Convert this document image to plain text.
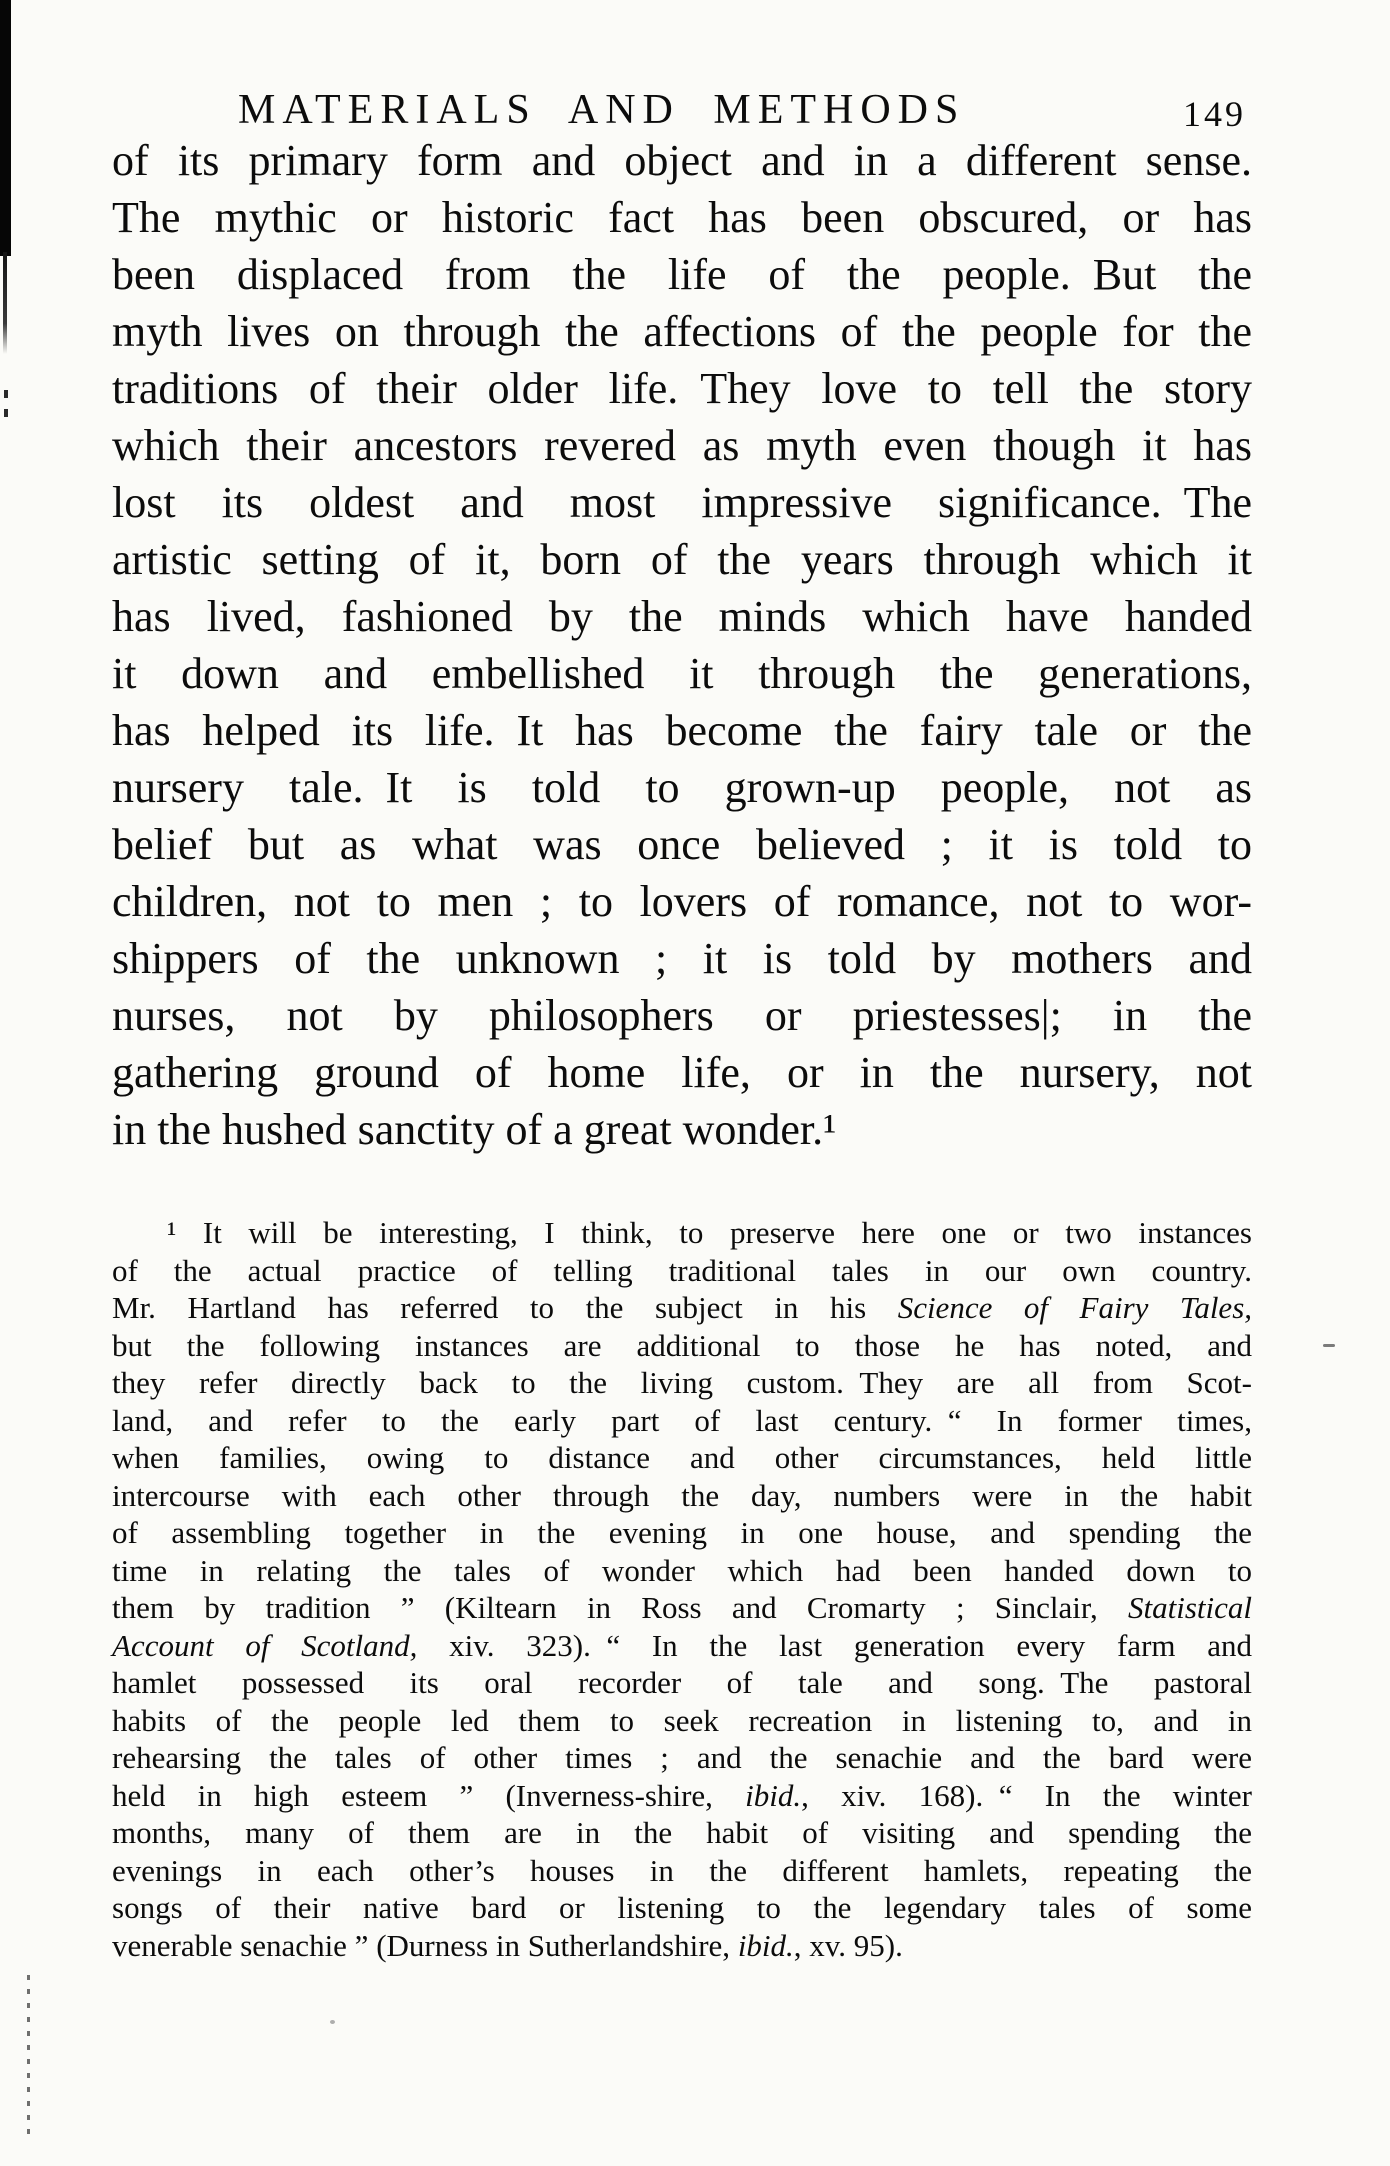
MATERIALS AND METHODS	149
of its primary form and object and in a different sense.
The mythic or historic fact has been obscured, or has
been displaced from the life of the people. But the
myth lives on through the affections of the people for the
traditions of their older life. They love to tell the story
which their ancestors revered as myth even though it has
lost its oldest and most impressive significance. The
artistic setting of it, born of the years through which it
has lived, fashioned by the minds which have handed
it down and embellished it through the generations,
has helped its life. It has become the fairy tale or the
nursery tale. It is told to grown-up people, not as
belief but as what was once believed ; it is told to
children, not to men ; to lovers of romance, not to wor-
shippers of the unknown ; it is told by mothers and
nurses, not by philosophers or priestesses|; in the
gathering ground of home life, or in the nursery, not
in the hushed sanctity of a great wonder.¹
¹ It will be interesting, I think, to preserve here one or two instances
of the actual practice of telling traditional tales in our own country.
Mr. Hartland has referred to the subject in his Science of Fairy Tales,
but the following instances are additional to those he has noted, and
they refer directly back to the living custom. They are all from Scot-
land, and refer to the early part of last century. “ In former times,
when families, owing to distance and other circumstances, held little
intercourse with each other through the day, numbers were in the habit
of assembling together in the evening in one house, and spending the
time in relating the tales of wonder which had been handed down to
them by tradition ” (Kiltearn in Ross and Cromarty ; Sinclair, Statistical
Account of Scotland, xiv. 323). “ In the last generation every farm and
hamlet possessed its oral recorder of tale and song. The pastoral
habits of the people led them to seek recreation in listening to, and in
rehearsing the tales of other times ; and the senachie and the bard were
held in high esteem ” (Inverness-shire, ibid., xiv. 168). “ In the winter
months, many of them are in the habit of visiting and spending the
evenings in each other’s houses in the different hamlets, repeating the
songs of their native bard or listening to the legendary tales of some
venerable senachie ” (Durness in Sutherlandshire, ibid., xv. 95).
